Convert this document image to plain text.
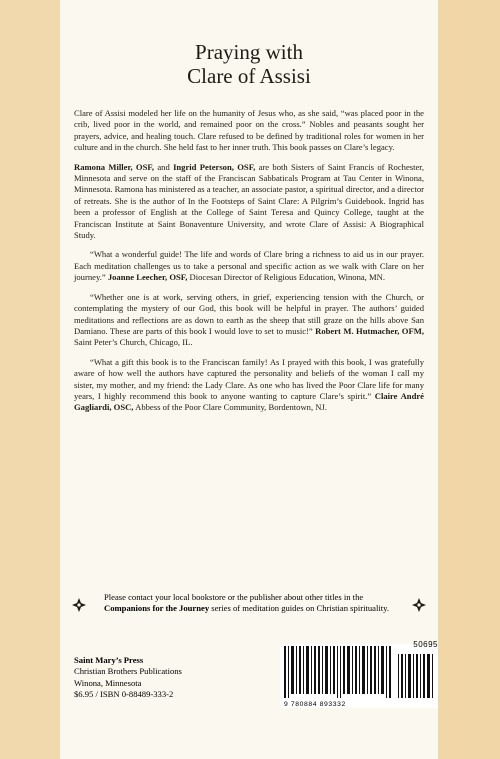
Praying with
Clare of Assisi

Clare of Assisi modeled her life on the humanity of Jesus who, as she said, “was placed poor in the crib, lived poor in the world, and remained poor on the cross.” Nobles and peasants sought her prayers, advice, and healing touch. Clare refused to be defined by traditional roles for women in her culture and in the church. She held fast to her inner truth. This book passes on Clare’s legacy.

Ramona Miller, OSF, and Ingrid Peterson, OSF, are both Sisters of Saint Francis of Rochester, Minnesota and serve on the staff of the Franciscan Sabbaticals Program at Tau Center in Winona, Minnesota. Ramona has ministered as a teacher, an associate pastor, a spiritual director, and a director of retreats. She is the author of In the Footsteps of Saint Clare: A Pilgrim’s Guidebook. Ingrid has been a professor of English at the College of Saint Teresa and Quincy College, taught at the Franciscan Institute at Saint Bonaventure University, and wrote Clare of Assisi: A Biographical Study.

“What a wonderful guide! The life and words of Clare bring a richness to aid us in our prayer. Each meditation challenges us to take a personal and specific action as we walk with Clare on her journey.” Joanne Leecher, OSF, Diocesan Director of Religious Education, Winona, MN.

“Whether one is at work, serving others, in grief, experiencing tension with the Church, or contemplating the mystery of our God, this book will be helpful in prayer. The authors’ guided meditations and reflections are as down to earth as the sheep that still graze on the hills above San Damiano. These are parts of this book I would love to set to music!” Robert M. Hutmacher, OFM, Saint Peter’s Church, Chicago, IL.

“What a gift this book is to the Franciscan family! As I prayed with this book, I was gratefully aware of how well the authors have captured the personality and beliefs of the woman I call my sister, my mother, and my friend: the Lady Clare. As one who has lived the Poor Clare life for many years, I highly recommend this book to anyone wanting to capture Clare’s spirit.” Claire André Gagliardi, OSC, Abbess of the Poor Clare Community, Bordentown, NJ.

Please contact your local bookstore or the publisher about other titles in the Companions for the Journey series of meditation guides on Christian spirituality.

Saint Mary’s Press
Christian Brothers Publications
Winona, Minnesota
$6.95 / ISBN 0-88489-333-2
9 780884 893332
50695
